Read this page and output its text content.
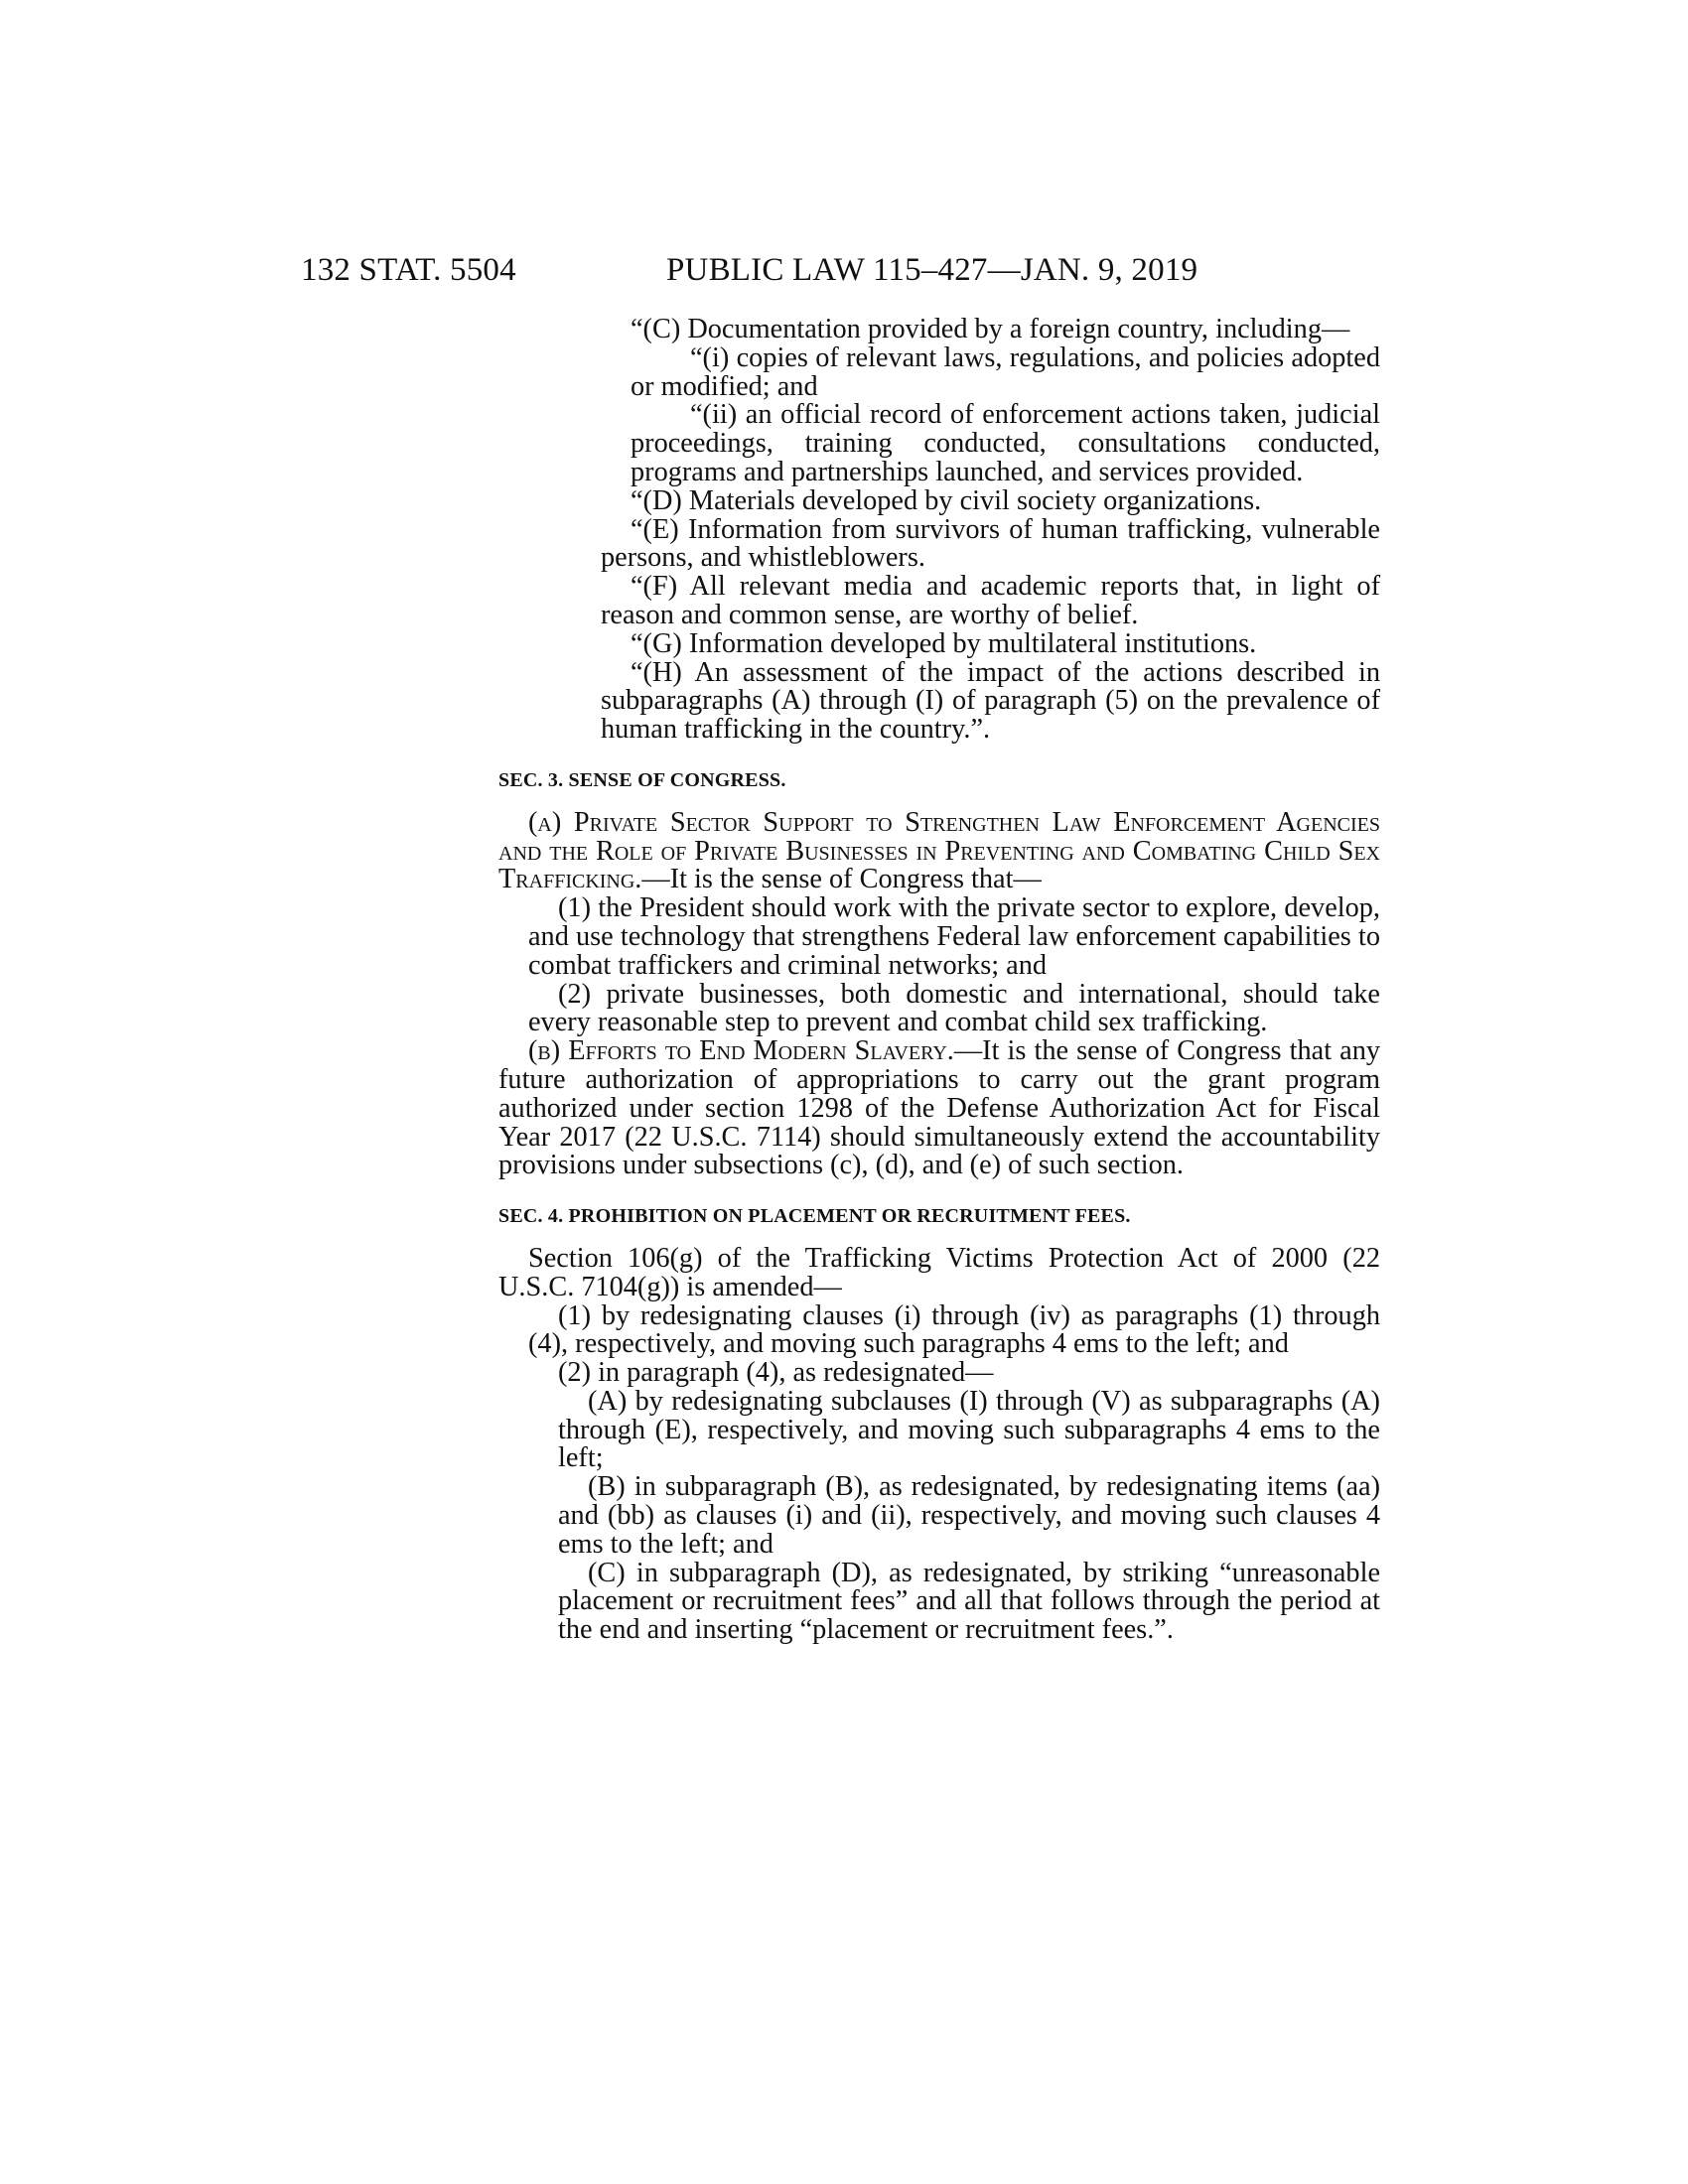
132 STAT. 5504	PUBLIC LAW 115–427—JAN. 9, 2019

“(C) Documentation provided by a foreign country, including—

“(i) copies of relevant laws, regulations, and policies adopted or modified; and

“(ii) an official record of enforcement actions taken, judicial proceedings, training conducted, consultations conducted, programs and partnerships launched, and services provided.

“(D) Materials developed by civil society organizations.

“(E) Information from survivors of human trafficking, vulnerable persons, and whistleblowers.

“(F) All relevant media and academic reports that, in light of reason and common sense, are worthy of belief.

“(G) Information developed by multilateral institutions.

“(H) An assessment of the impact of the actions described in subparagraphs (A) through (I) of paragraph (5) on the prevalence of human trafficking in the country.”.

SEC. 3. SENSE OF CONGRESS.

(a) Private Sector Support to Strengthen Law Enforcement Agencies and the Role of Private Businesses in Preventing and Combating Child Sex Trafficking.—It is the sense of Congress that—

(1) the President should work with the private sector to explore, develop, and use technology that strengthens Federal law enforcement capabilities to combat traffickers and criminal networks; and

(2) private businesses, both domestic and international, should take every reasonable step to prevent and combat child sex trafficking.

(b) Efforts to End Modern Slavery.—It is the sense of Congress that any future authorization of appropriations to carry out the grant program authorized under section 1298 of the Defense Authorization Act for Fiscal Year 2017 (22 U.S.C. 7114) should simultaneously extend the accountability provisions under subsections (c), (d), and (e) of such section.

SEC. 4. PROHIBITION ON PLACEMENT OR RECRUITMENT FEES.

Section 106(g) of the Trafficking Victims Protection Act of 2000 (22 U.S.C. 7104(g)) is amended—

(1) by redesignating clauses (i) through (iv) as paragraphs (1) through (4), respectively, and moving such paragraphs 4 ems to the left; and

(2) in paragraph (4), as redesignated—

(A) by redesignating subclauses (I) through (V) as subparagraphs (A) through (E), respectively, and moving such subparagraphs 4 ems to the left;

(B) in subparagraph (B), as redesignated, by redesignating items (aa) and (bb) as clauses (i) and (ii), respectively, and moving such clauses 4 ems to the left; and

(C) in subparagraph (D), as redesignated, by striking “unreasonable placement or recruitment fees” and all that follows through the period at the end and inserting “placement or recruitment fees.”.
